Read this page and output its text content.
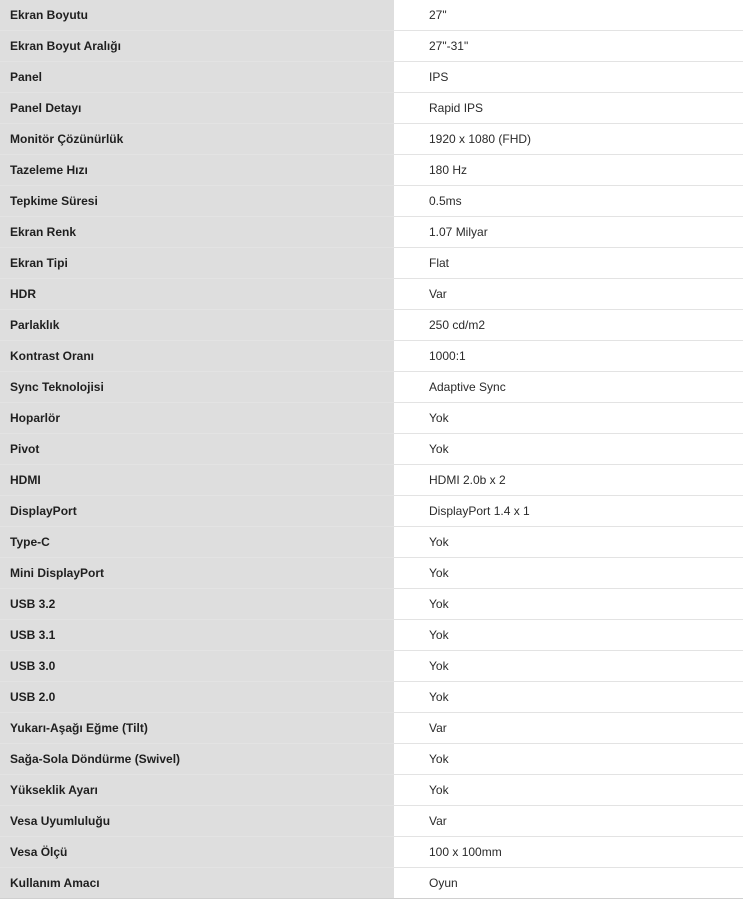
Ekran Boyutu	27"
Ekran Boyut Aralığı	27"-31"
Panel	IPS
Panel Detayı	Rapid IPS
Monitör Çözünürlük	1920 x 1080 (FHD)
Tazeleme Hızı	180 Hz
Tepkime Süresi	0.5ms
Ekran Renk	1.07 Milyar
Ekran Tipi	Flat
HDR	Var
Parlaklık	250 cd/m2
Kontrast Oranı	1000:1
Sync Teknolojisi	Adaptive Sync
Hoparlör	Yok
Pivot	Yok
HDMI	HDMI 2.0b x 2
DisplayPort	DisplayPort 1.4 x 1
Type-C	Yok
Mini DisplayPort	Yok
USB 3.2	Yok
USB 3.1	Yok
USB 3.0	Yok
USB 2.0	Yok
Yukarı-Aşağı Eğme (Tilt)	Var
Sağa-Sola Döndürme (Swivel)	Yok
Yükseklik Ayarı	Yok
Vesa Uyumluluğu	Var
Vesa Ölçü	100 x 100mm
Kullanım Amacı	Oyun
